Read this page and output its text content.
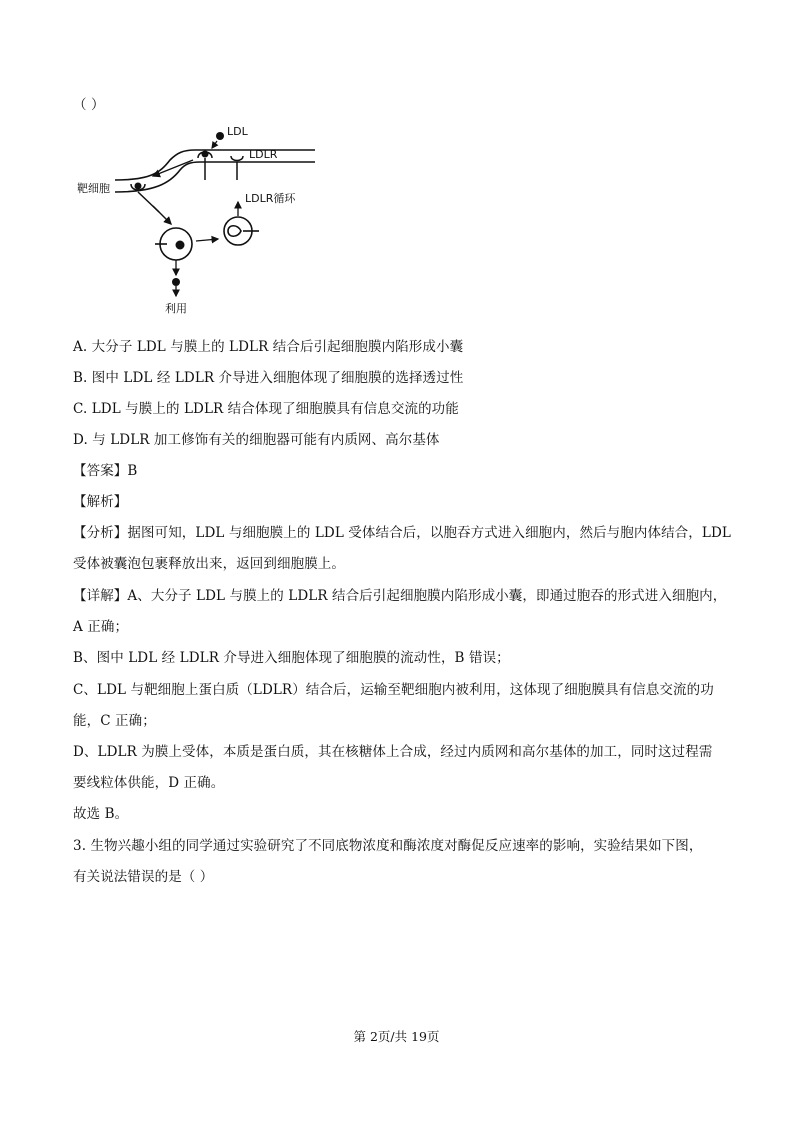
（ ）
LDL
LDLR
靶细胞
利用
LDLR循环
A. 大分子 LDL 与膜上的 LDLR 结合后引起细胞膜内陷形成小囊
B. 图中 LDL 经 LDLR 介导进入细胞体现了细胞膜的选择透过性
C. LDL 与膜上的 LDLR 结合体现了细胞膜具有信息交流的功能
D. 与 LDLR 加工修饰有关的细胞器可能有内质网、高尔基体
【答案】B
【解析】
【分析】据图可知，LDL 与细胞膜上的 LDL 受体结合后，以胞吞方式进入细胞内，然后与胞内体结合，LDL
受体被囊泡包裹释放出来，返回到细胞膜上。
【详解】A、大分子 LDL 与膜上的 LDLR 结合后引起细胞膜内陷形成小囊，即通过胞吞的形式进入细胞内，
A 正确；
B、图中 LDL 经 LDLR 介导进入细胞体现了细胞膜的流动性，B 错误；
C、LDL 与靶细胞上蛋白质（LDLR）结合后，运输至靶细胞内被利用，这体现了细胞膜具有信息交流的功
能，C 正确；
D、LDLR 为膜上受体，本质是蛋白质，其在核糖体上合成，经过内质网和高尔基体的加工，同时这过程需
要线粒体供能，D 正确。
故选 B。
3. 生物兴趣小组的同学通过实验研究了不同底物浓度和酶浓度对酶促反应速率的影响，实验结果如下图，
有关说法错误的是（ ）
第 2页/共 19页
